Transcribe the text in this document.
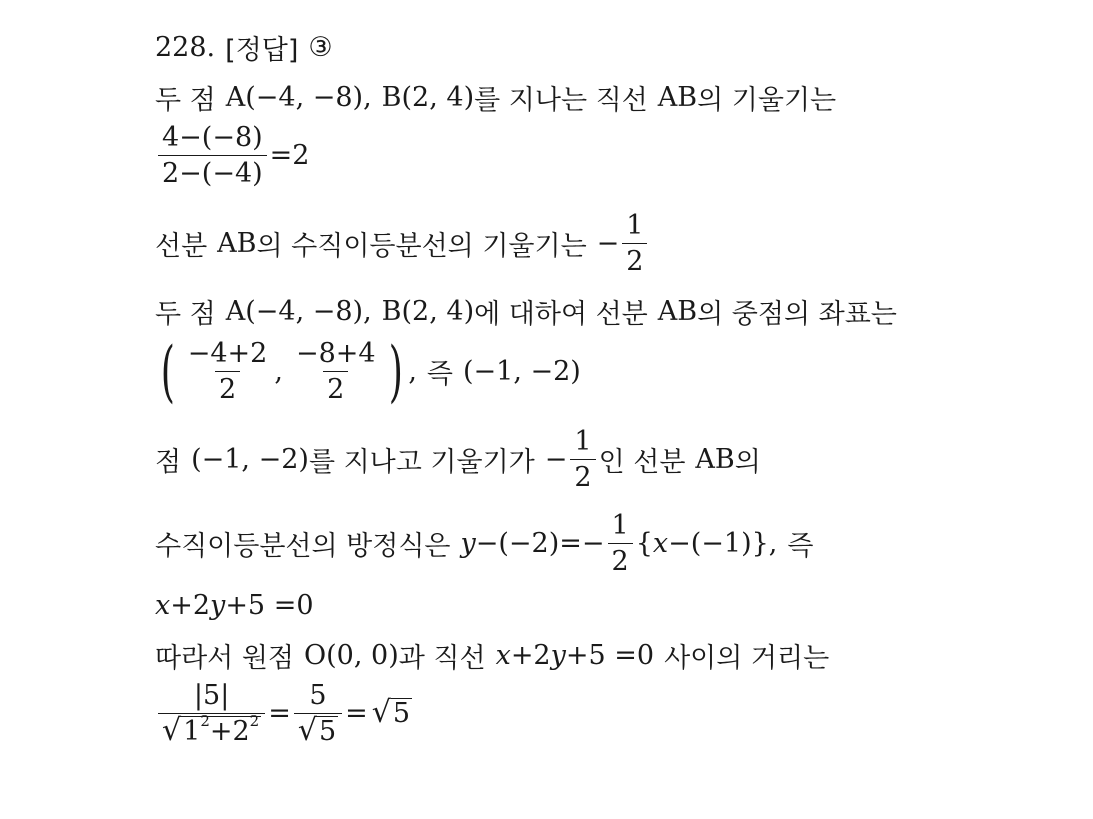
228. [정답] ③
두 점 A(−4, −8), B(2, 4) 를 지나는 직선 AB 의 기울기는
$\frac{4-(-8)}{2-(-4)} =2$
선분 AB 의 수직이등분선의 기울기는 − $\frac{1}{2}$
두 점 A(−4, −8), B(2, 4) 에 대하여 선분 AB 의 중점의 좌표는
( $\frac{-4+2}{2}$ , $\frac{-8+4}{2}$ ) , 즉 (−1, −2)
점 (−1, −2) 를 지나고 기울기가 − $\frac{1}{2}$ 인 선분 AB 의
수직이등분선의 방정식은 $y -(-2)=- \frac{1}{2}$ { x −(−1)}, 즉
x +2 y +5 =0
따라서 원점 O(0, 0) 과 직선 x +2 y +5 =0 사이의 거리는
$\frac{|5|}{√ 1^2+2^2} = \frac{5}{√ 5}$ = √ 5
